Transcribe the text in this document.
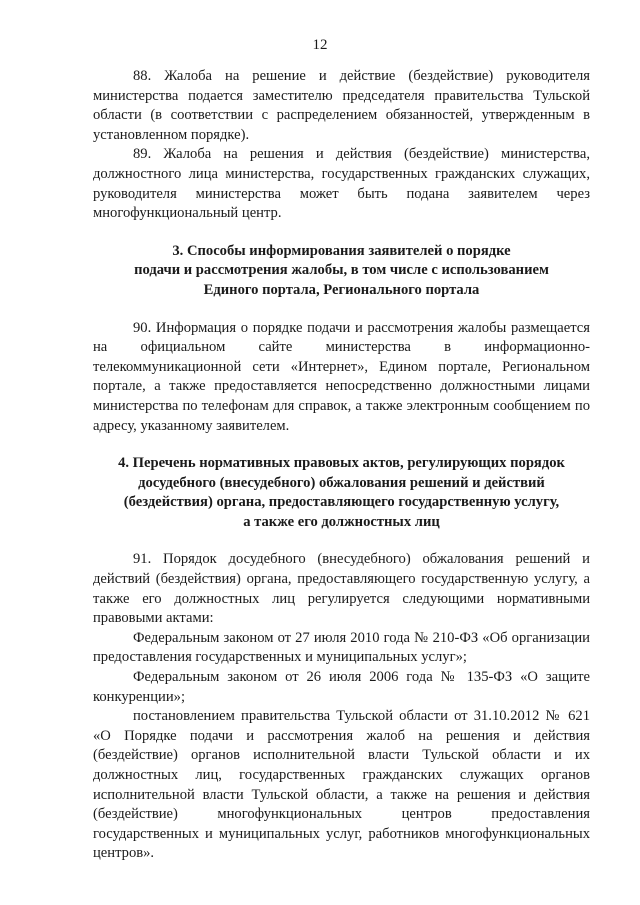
12

88. Жалоба на решение и действие (бездействие) руководителя министерства подается заместителю председателя правительства Тульской области (в соответствии с распределением обязанностей, утвержденным в установленном порядке).

89. Жалоба на решения и действия (бездействие) министерства, должностного лица министерства, государственных гражданских служащих, руководителя министерства может быть подана заявителем через многофункциональный центр.

3. Способы информирования заявителей о порядке

подачи и рассмотрения жалобы, в том числе с использованием

Единого портала, Регионального портала

90. Информация о порядке подачи и рассмотрения жалобы размещается на официальном сайте министерства в информационно-телекоммуникационной сети «Интернет», Едином портале, Региональном портале, а также предоставляется непосредственно должностными лицами министерства по телефонам для справок, а также электронным сообщением по адресу, указанному заявителем.

4. Перечень нормативных правовых актов, регулирующих порядок

досудебного (внесудебного) обжалования решений и действий

(бездействия) органа, предоставляющего государственную услугу,

а также его должностных лиц

91. Порядок досудебного (внесудебного) обжалования решений и действий (бездействия) органа, предоставляющего государственную услугу, а также его должностных лиц регулируется следующими нормативными правовыми актами:

Федеральным законом от 27 июля 2010 года № 210-ФЗ «Об организации предоставления государственных и муниципальных услуг»;

Федеральным законом от 26 июля 2006 года № 135-ФЗ «О защите конкуренции»;

постановлением правительства Тульской области от 31.10.2012 № 621 «О Порядке подачи и рассмотрения жалоб на решения и действия (бездействие) органов исполнительной власти Тульской области и их должностных лиц, государственных гражданских служащих органов исполнительной власти Тульской области, а также на решения и действия (бездействие) многофункциональных центров предоставления государственных и муниципальных услуг, работников многофункциональных центров».
